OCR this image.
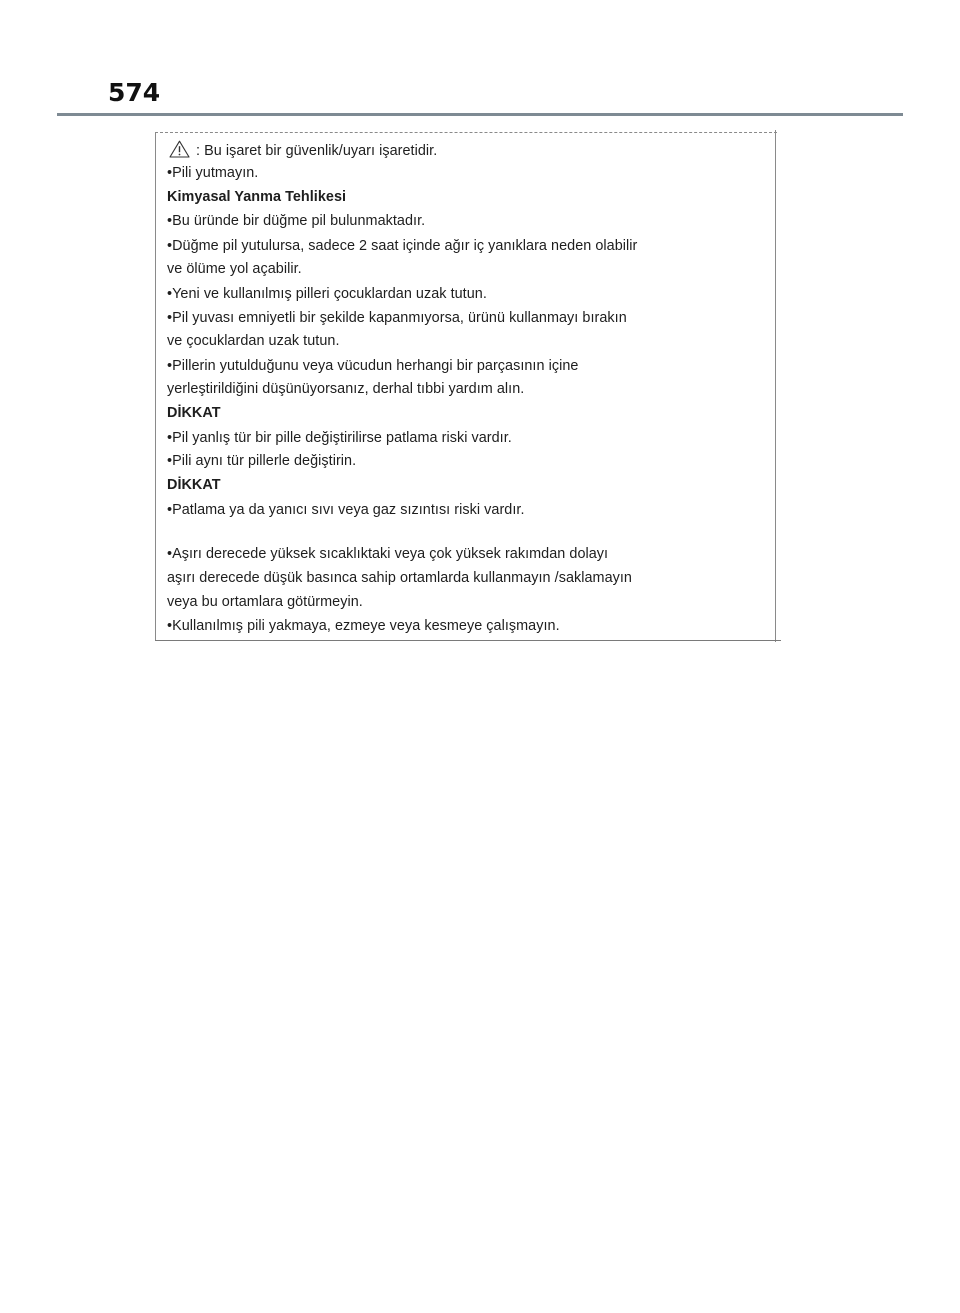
574
: Bu işaret bir güvenlik/uyarı işaretidir.
•Pili yutmayın.
Kimyasal Yanma Tehlikesi
•Bu üründe bir düğme pil bulunmaktadır.
•Düğme pil yutulursa, sadece 2 saat içinde ağır iç yanıklara neden olabilir
ve ölüme yol açabilir.
•Yeni ve kullanılmış pilleri çocuklardan uzak tutun.
•Pil yuvası emniyetli bir şekilde kapanmıyorsa, ürünü kullanmayı bırakın
ve çocuklardan uzak tutun.
•Pillerin yutulduğunu veya vücudun herhangi bir parçasının içine
yerleştirildiğini düşünüyorsanız, derhal tıbbi yardım alın.
DİKKAT
•Pil yanlış tür bir pille değiştirilirse patlama riski vardır.
•Pili aynı tür pillerle değiştirin.
DİKKAT
•Patlama ya da yanıcı sıvı veya gaz sızıntısı riski vardır.
•Aşırı derecede yüksek sıcaklıktaki veya çok yüksek rakımdan dolayı
aşırı derecede düşük basınca sahip ortamlarda kullanmayın /saklamayın
veya bu ortamlara götürmeyin.
•Kullanılmış pili yakmaya, ezmeye veya kesmeye çalışmayın.
